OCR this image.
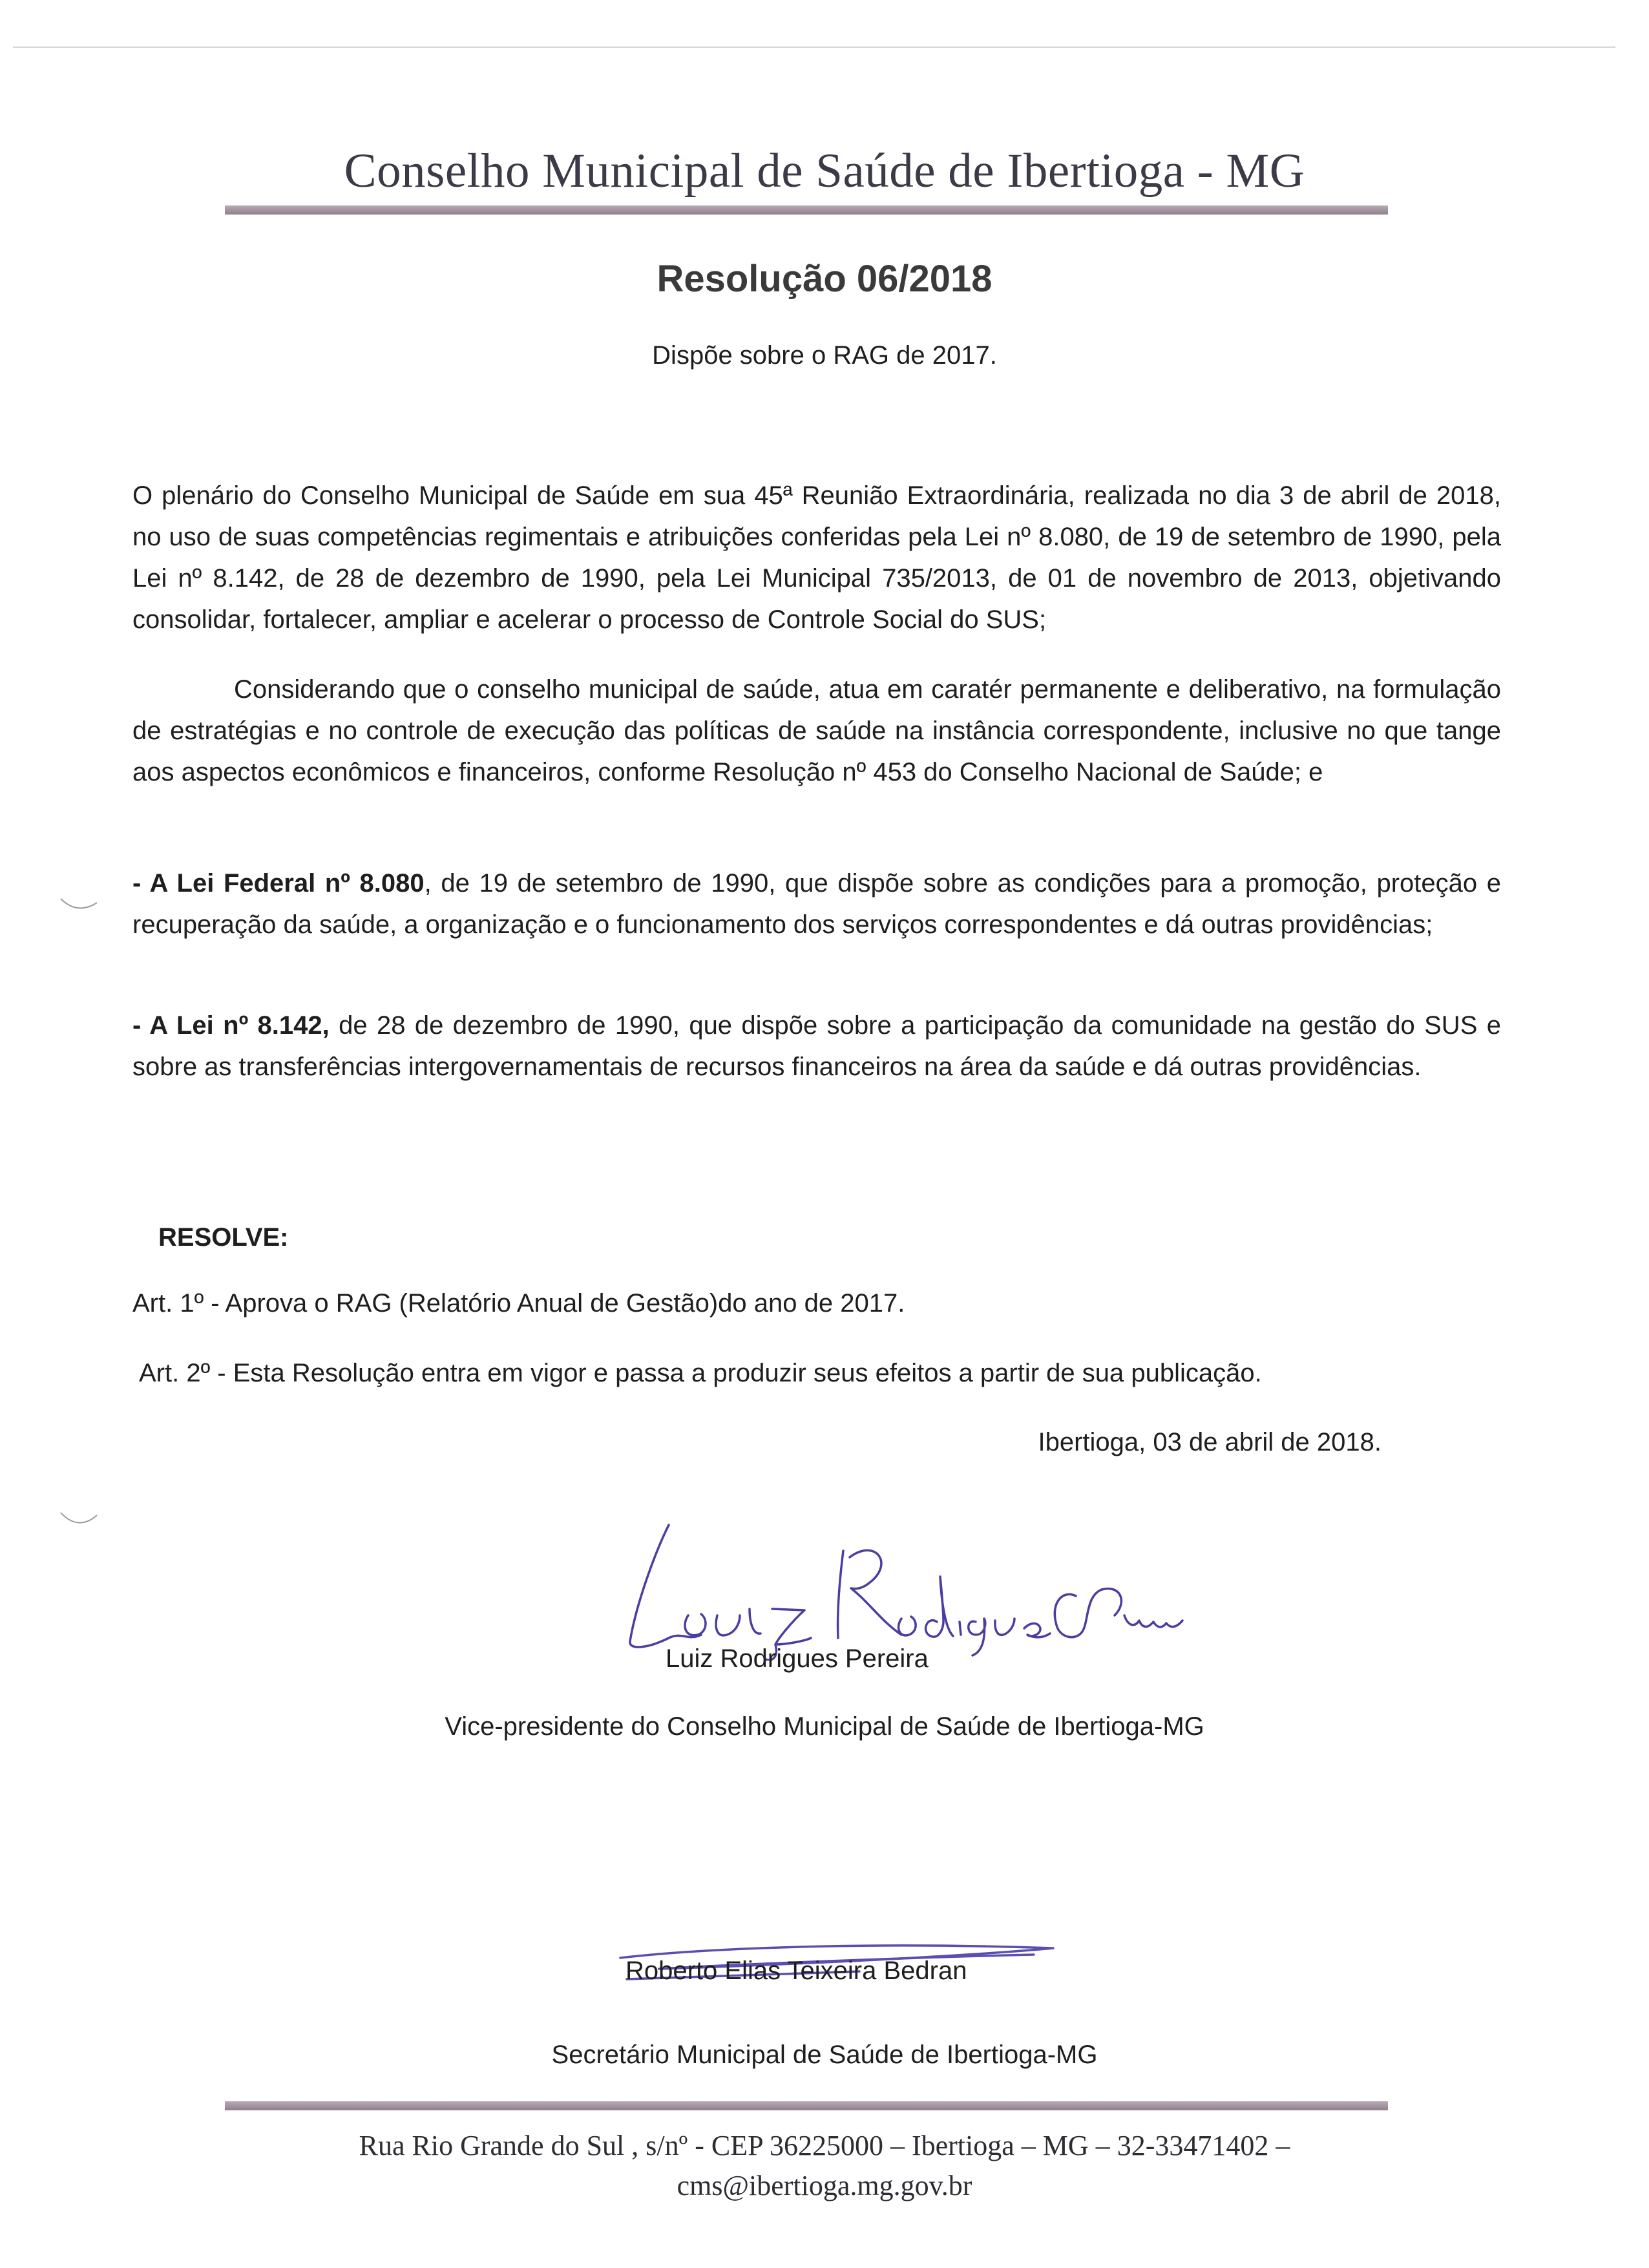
Conselho Municipal de Saúde de Ibertioga - MG
Resolução 06/2018
Dispõe sobre o RAG de 2017.

O plenário do Conselho Municipal de Saúde em sua 45ª Reunião Extraordinária, realizada no dia 3 de abril de 2018, no uso de suas competências regimentais e atribuições conferidas pela Lei nº 8.080, de 19 de setembro de 1990, pela Lei nº 8.142, de 28 de dezembro de 1990, pela Lei Municipal 735/2013, de 01 de novembro de 2013, objetivando consolidar, fortalecer, ampliar e acelerar o processo de Controle Social do SUS;

Considerando que o conselho municipal de saúde, atua em caratér permanente e deliberativo, na formulação de estratégias e no controle de execução das políticas de saúde na instância correspondente, inclusive no que tange aos aspectos econômicos e financeiros, conforme Resolução nº 453 do Conselho Nacional de Saúde; e

- A Lei Federal nº 8.080, de 19 de setembro de 1990, que dispõe sobre as condições para a promoção, proteção e recuperação da saúde, a organização e o funcionamento dos serviços correspondentes e dá outras providências;

- A Lei nº 8.142, de 28 de dezembro de 1990, que dispõe sobre a participação da comunidade na gestão do SUS e sobre as transferências intergovernamentais de recursos financeiros na área da saúde e dá outras providências.

RESOLVE:
Art. 1º - Aprova o RAG (Relatório Anual de Gestão)do ano de 2017.
Art. 2º - Esta Resolução entra em vigor e passa a produzir seus efeitos a partir de sua publicação.
Ibertioga, 03 de abril de 2018.
Luiz Rodrigues Pereira
Vice-presidente do Conselho Municipal de Saúde de Ibertioga-MG
Roberto Elias Teixeira Bedran
Secretário Municipal de Saúde de Ibertioga-MG
Rua Rio Grande do Sul , s/nº - CEP 36225000 – Ibertioga – MG – 32-33471402 –
cms@ibertioga.mg.gov.br
